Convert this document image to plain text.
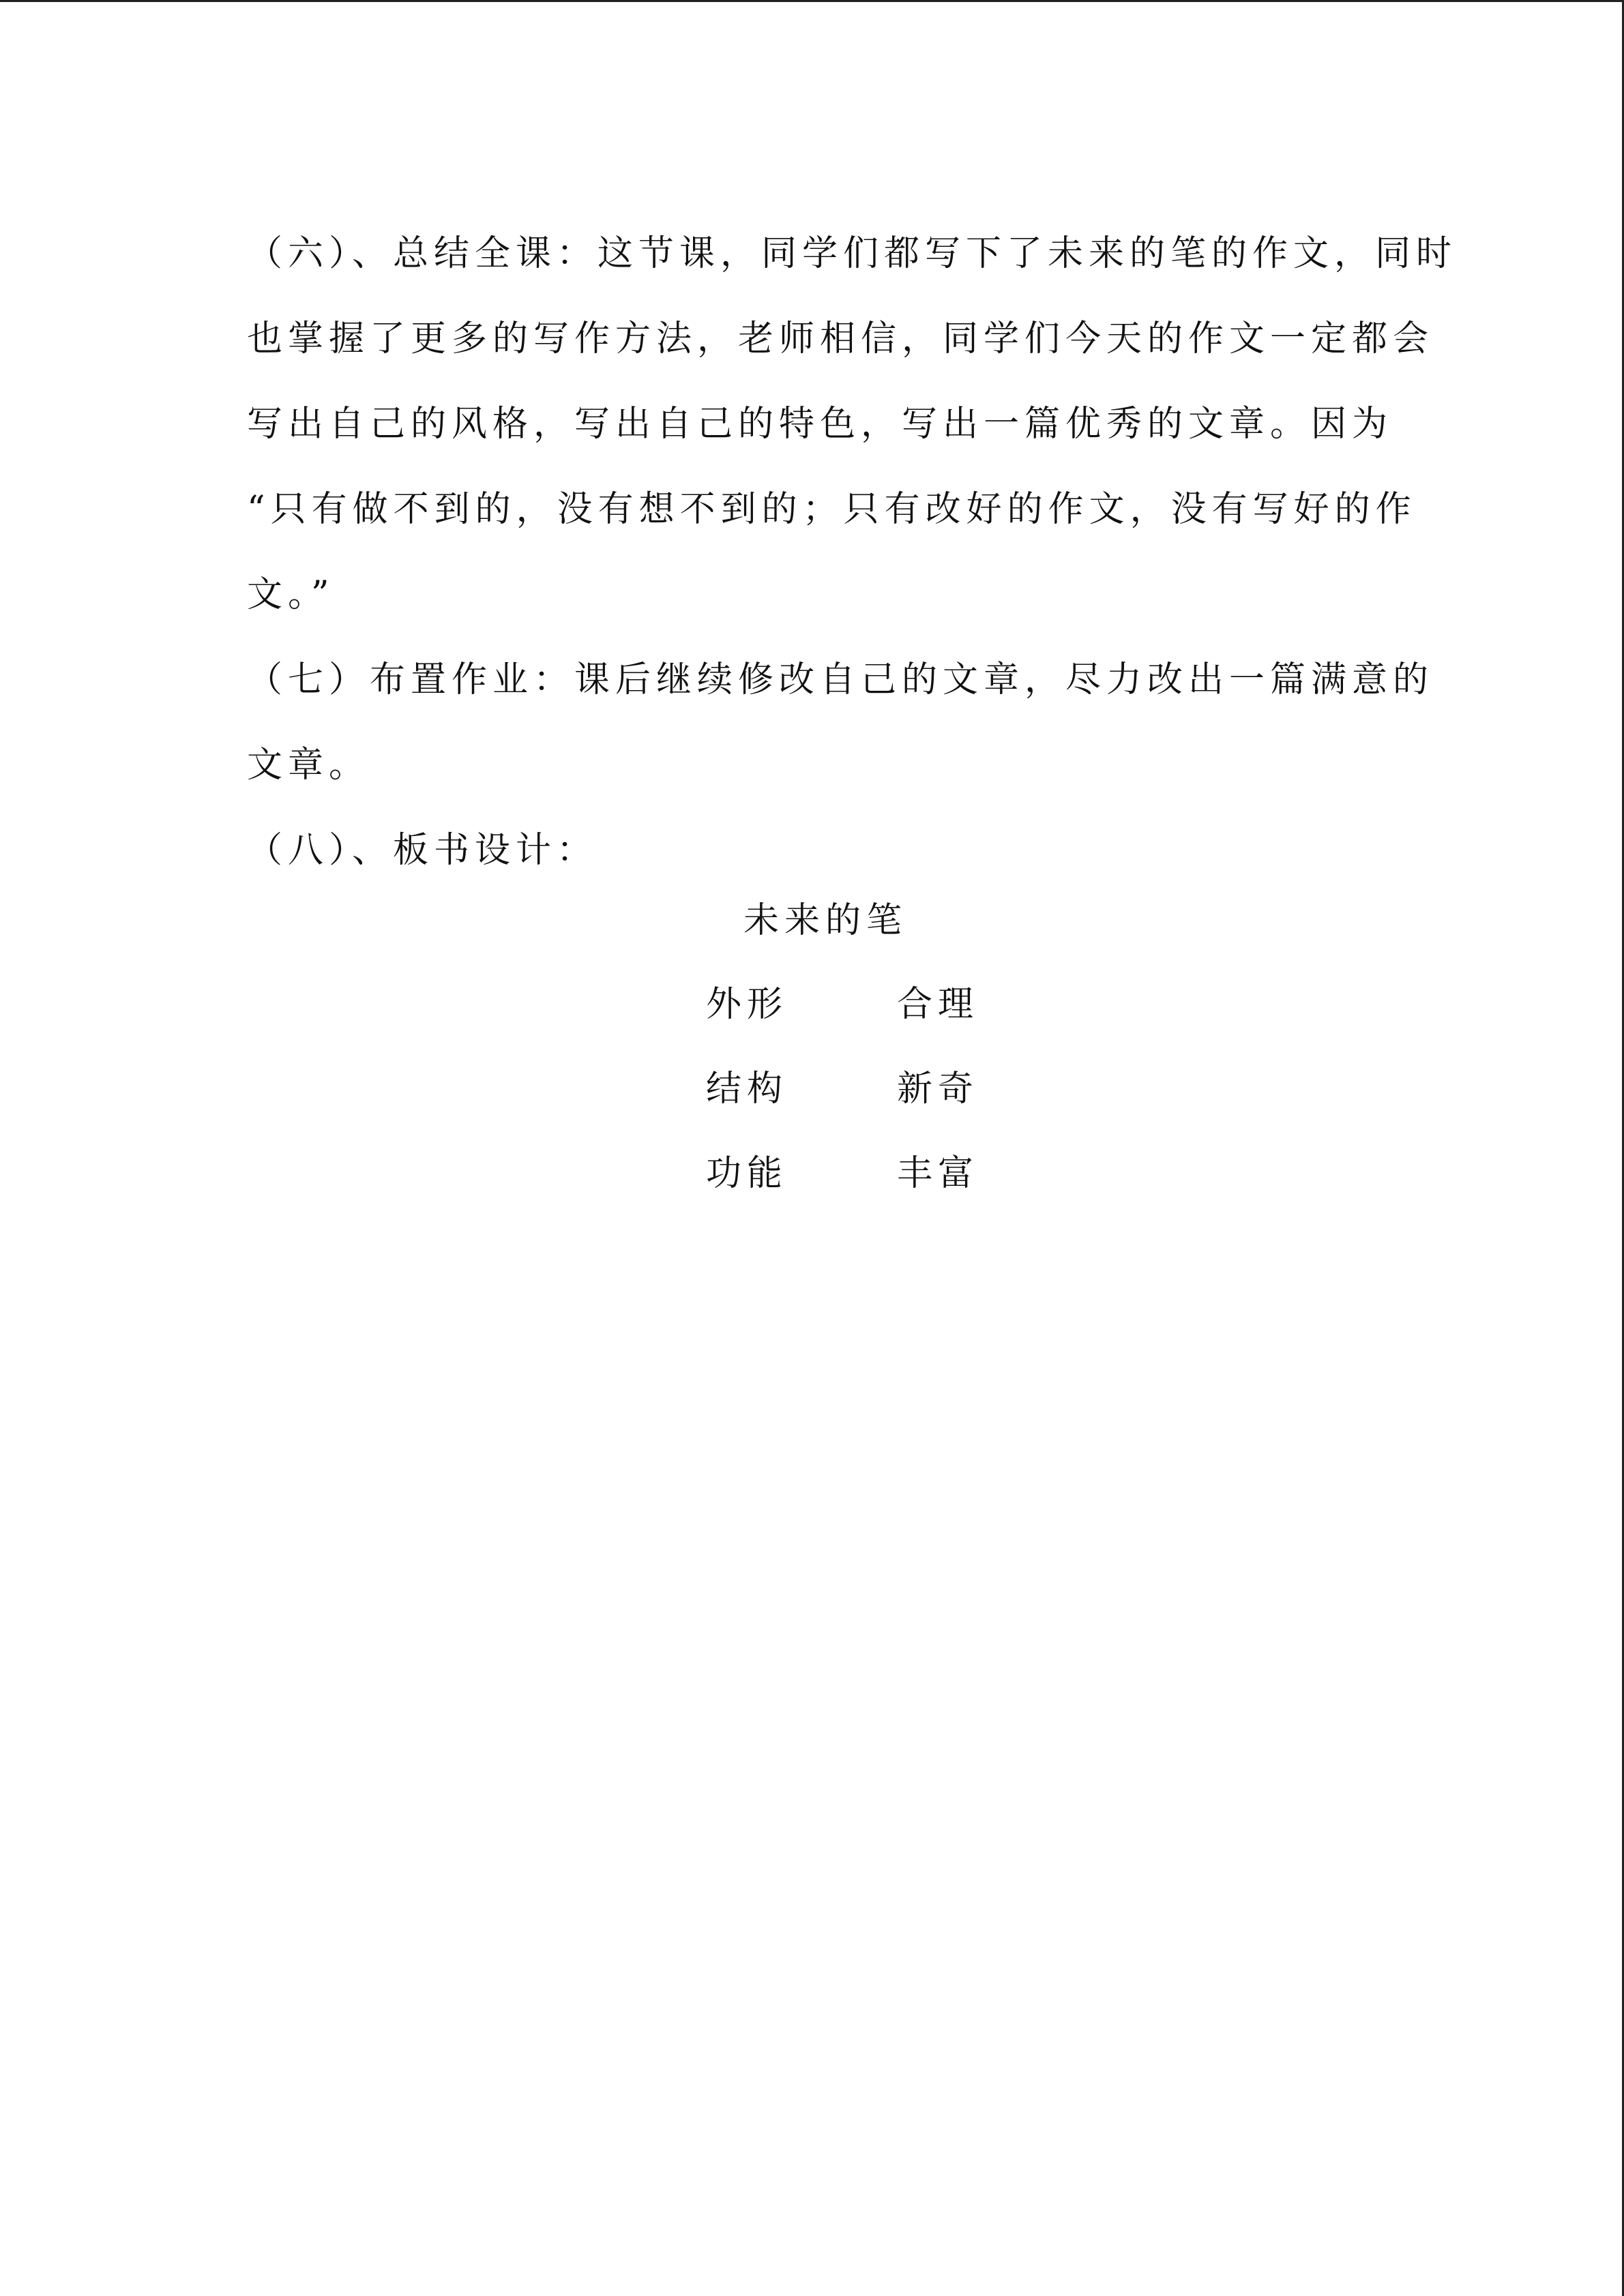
（六）、总结全课：这节课，同学们都写下了未来的笔的作文，同时
也掌握了更多的写作方法，老师相信，同学们今天的作文一定都会
写出自己的风格，写出自己的特色，写出一篇优秀的文章。因为
“只有做不到的，没有想不到的；只有改好的作文，没有写好的作
文。”
（七）布置作业：课后继续修改自己的文章，尽力改出一篇满意的
文章。
（八）、板书设计：
未来的笔
外形	合理
结构	新奇
功能	丰富
